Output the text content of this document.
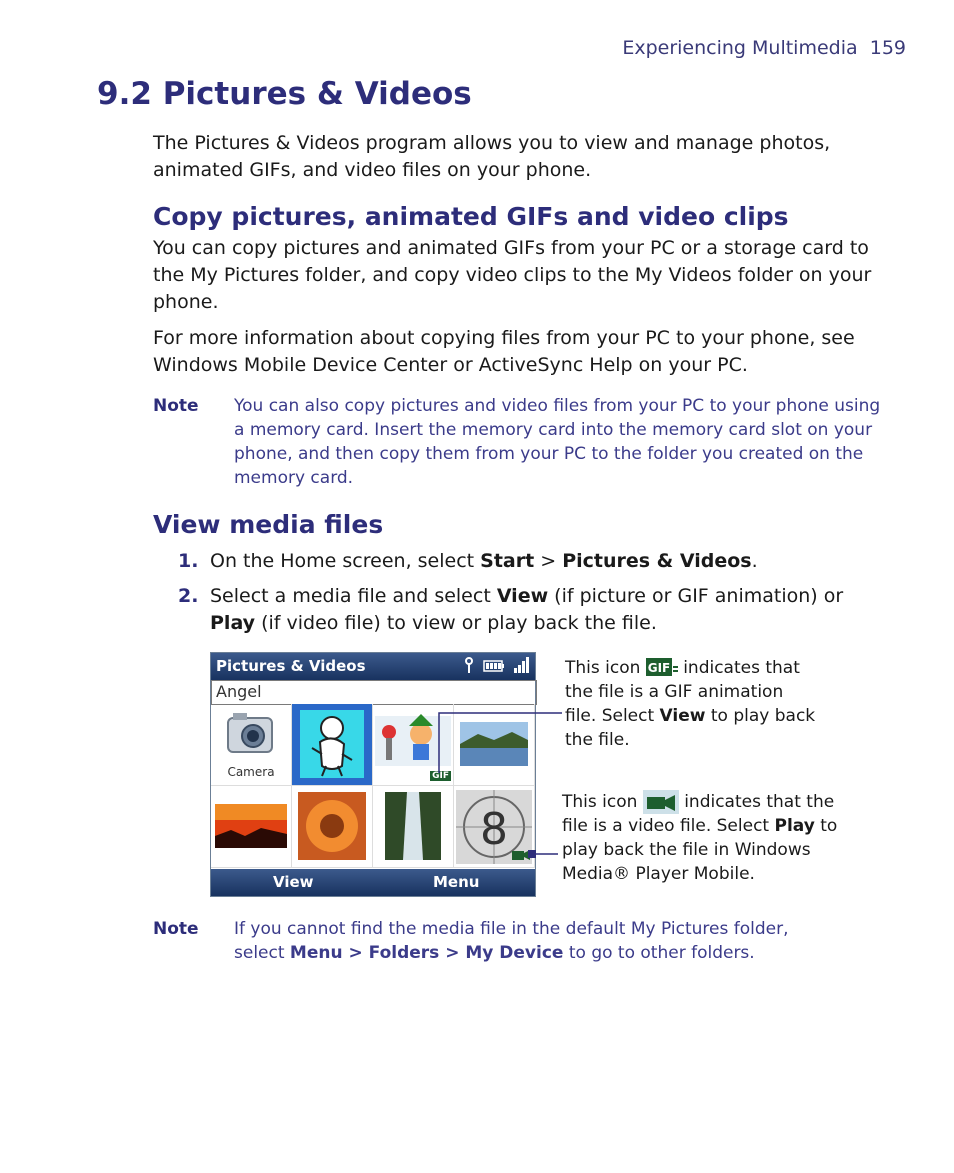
Experiencing Multimedia 159
9.2 Pictures & Videos
The Pictures & Videos program allows you to view and manage photos,
animated GIFs, and video files on your phone.
Copy pictures, animated GIFs and video clips
You can copy pictures and animated GIFs from your PC or a storage card to
the My Pictures folder, and copy video clips to the My Videos folder on your
phone.
For more information about copying files from your PC to your phone, see
Windows Mobile Device Center or ActiveSync Help on your PC.
Note You can also copy pictures and video files from your PC to your phone using
a memory card. Insert the memory card into the memory card slot on your
phone, and then copy them from your PC to the folder you created on the
memory card.
View media files
1. On the Home screen, select Start > Pictures & Videos.
2. Select a media file and select View (if picture or GIF animation) or
Play (if video file) to view or play back the file.
Pictures & Videos

Angel
Camera	GIF
8
View	Menu
This icon GIF indicates that
the file is a GIF animation
file. Select View to play back
the file.
This icon  indicates that the
file is a video file. Select Play to
play back the file in Windows
Media® Player Mobile.
Note If you cannot find the media file in the default My Pictures folder,
select Menu > Folders > My Device to go to other folders.
